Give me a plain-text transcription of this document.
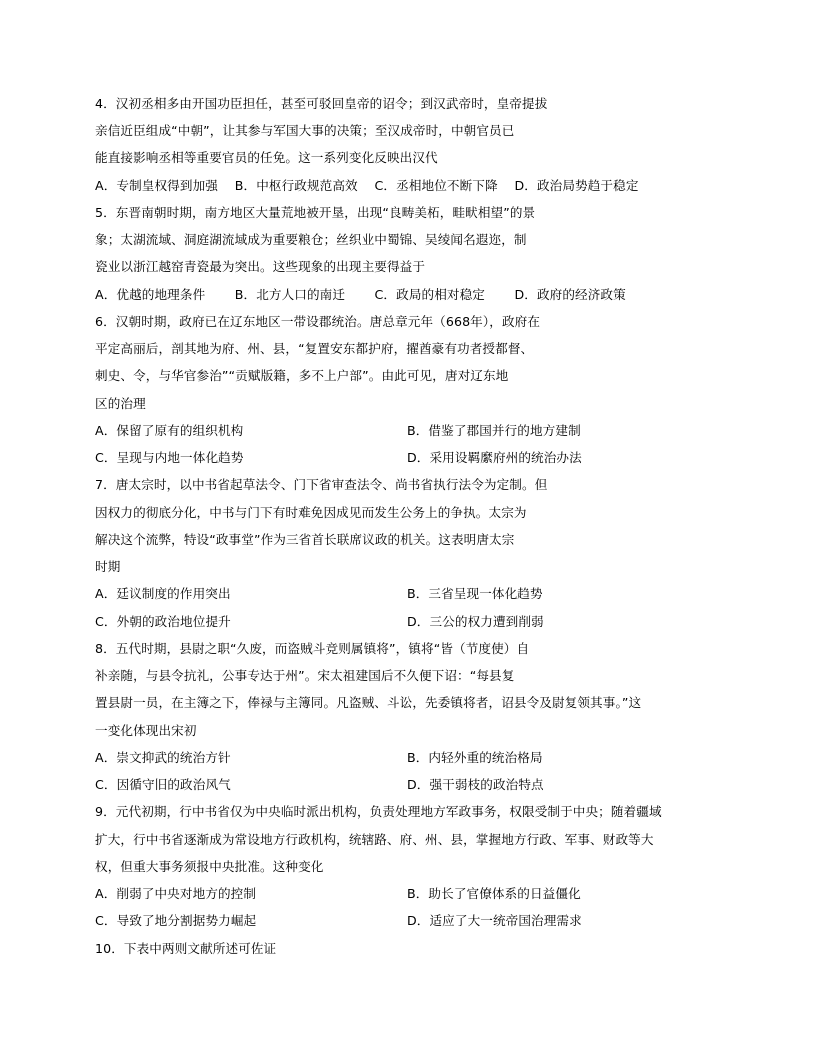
4．汉初丞相多由开国功臣担任，甚至可驳回皇帝的诏令；到汉武帝时，皇帝提拔

亲信近臣组成“中朝”，让其参与军国大事的决策；至汉成帝时，中朝官员已

能直接影响丞相等重要官员的任免。这一系列变化反映出汉代

A．专制皇权得到加强　 B．中枢行政规范高效　 C．丞相地位不断下降　 D．政治局势趋于稳定

5．东晋南朝时期，南方地区大量荒地被开垦，出现“良畴美柘，畦畎相望”的景

象；太湖流域、洞庭湖流域成为重要粮仓；丝织业中蜀锦、吴绫闻名遐迩，制

瓷业以浙江越窑青瓷最为突出。这些现象的出现主要得益于

A．优越的地理条件　　 B．北方人口的南迁　　 C．政局的相对稳定　　 D．政府的经济政策

6．汉朝时期，政府已在辽东地区一带设郡统治。唐总章元年（668年），政府在

平定高丽后，剖其地为府、州、县，“复置安东都护府，擢酋豪有功者授都督、

刺史、令，与华官参治”“贡赋版籍，多不上户部”。由此可见，唐对辽东地

区的治理

A．保留了原有的组织机构	B．借鉴了郡国并行的地方建制

C．呈现与内地一体化趋势	D．采用设羁縻府州的统治办法

7．唐太宗时，以中书省起草法令、门下省审查法令、尚书省执行法令为定制。但

因权力的彻底分化，中书与门下有时难免因成见而发生公务上的争执。太宗为

解决这个流弊，特设“政事堂”作为三省首长联席议政的机关。这表明唐太宗

时期

A．廷议制度的作用突出	B．三省呈现一体化趋势

C．外朝的政治地位提升	D．三公的权力遭到削弱

8．五代时期，县尉之职“久废，而盗贼斗竞则属镇将”，镇将“皆（节度使）自

补亲随，与县令抗礼，公事专达于州”。宋太祖建国后不久便下诏：“每县复

置县尉一员，在主簿之下，俸禄与主簿同。凡盗贼、斗讼，先委镇将者，诏县令及尉复领其事。”这

一变化体现出宋初

A．崇文抑武的统治方针	B．内轻外重的统治格局

C．因循守旧的政治风气	D．强干弱枝的政治特点

9．元代初期，行中书省仅为中央临时派出机构，负责处理地方军政事务，权限受制于中央；随着疆域

扩大，行中书省逐渐成为常设地方行政机构，统辖路、府、州、县，掌握地方行政、军事、财政等大

权，但重大事务须报中央批准。这种变化

A．削弱了中央对地方的控制	B．助长了官僚体系的日益僵化

C．导致了地分割据势力崛起	D．适应了大一统帝国治理需求

10．下表中两则文献所述可佐证
